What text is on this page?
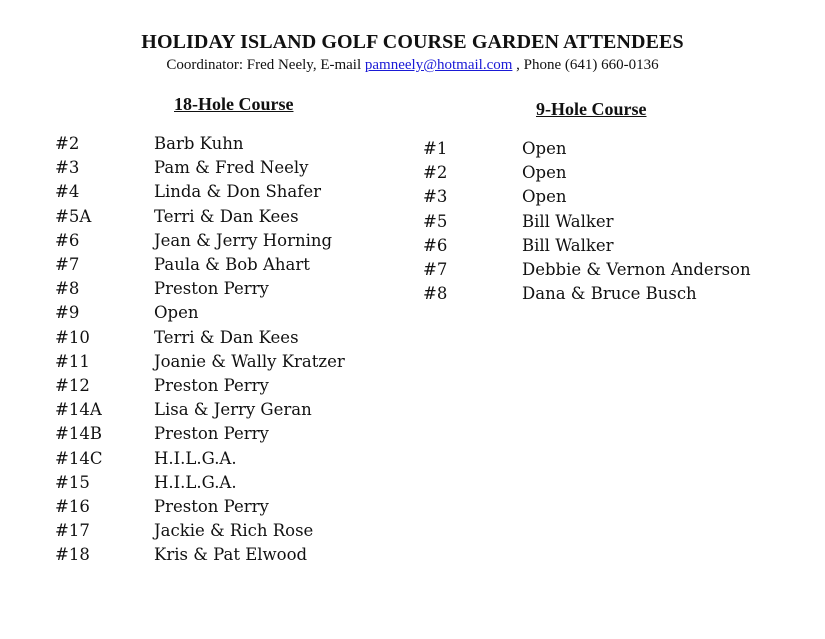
HOLIDAY ISLAND GOLF COURSE GARDEN ATTENDEES
Coordinator: Fred Neely, E-mail pamneely@hotmail.com , Phone (641) 660-0136
18-Hole Course	9-Hole Course
#2	Barb Kuhn
#3	Pam & Fred Neely
#4	Linda & Don Shafer
#5A	Terri & Dan Kees
#6	Jean & Jerry Horning
#7	Paula & Bob Ahart
#8	Preston Perry
#9	Open
#10	Terri & Dan Kees
#11	Joanie & Wally Kratzer
#12	Preston Perry
#14A	Lisa & Jerry Geran
#14B	Preston Perry
#14C	H.I.L.G.A.
#15	H.I.L.G.A.
#16	Preston Perry
#17	Jackie & Rich Rose
#18	Kris & Pat Elwood
#1	Open
#2	Open
#3	Open
#5	Bill Walker
#6	Bill Walker
#7	Debbie & Vernon Anderson
#8	Dana & Bruce Busch
